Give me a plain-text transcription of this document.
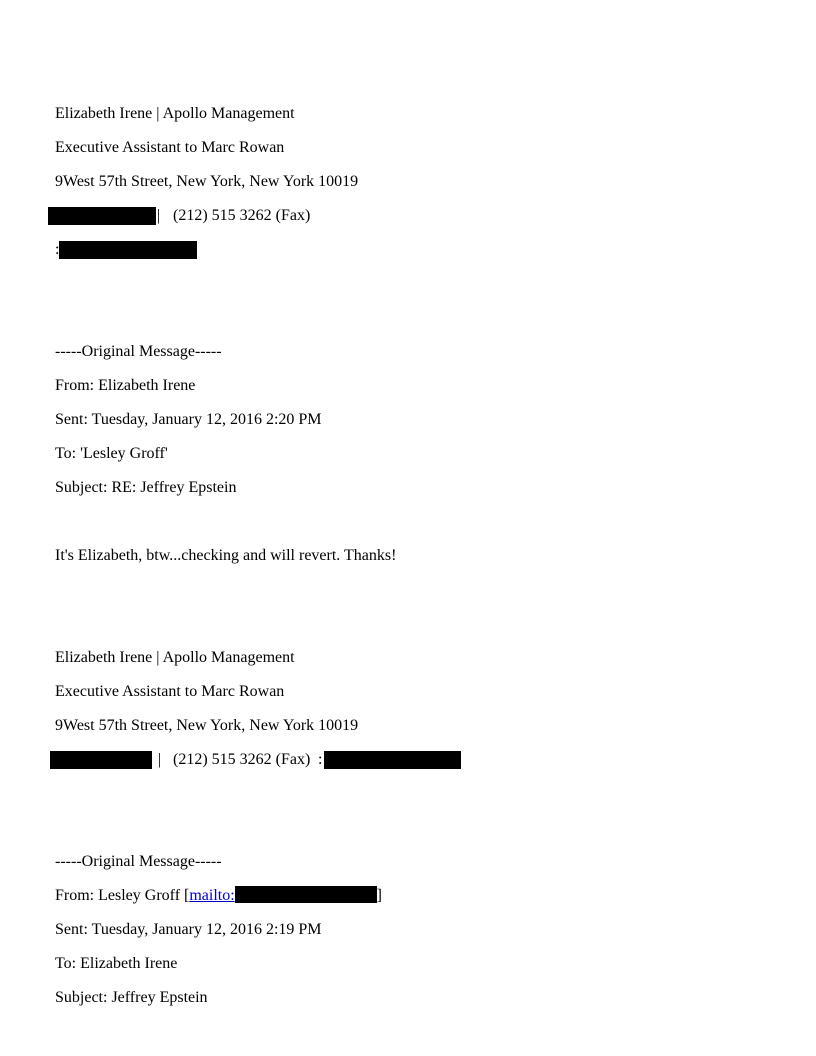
Elizabeth Irene | Apollo Management
Executive Assistant to Marc Rowan
9West 57th Street, New York, New York 10019
| (212) 515 3262 (Fax)
:
-----Original Message-----
From: Elizabeth Irene
Sent: Tuesday, January 12, 2016 2:20 PM
To: 'Lesley Groff'
Subject: RE: Jeffrey Epstein
It's Elizabeth, btw...checking and will revert. Thanks!
Elizabeth Irene | Apollo Management
Executive Assistant to Marc Rowan
9West 57th Street, New York, New York 10019
| (212) 515 3262 (Fax) :
-----Original Message-----
From: Lesley Groff [mailto:	]
Sent: Tuesday, January 12, 2016 2:19 PM
To: Elizabeth Irene
Subject: Jeffrey Epstein
